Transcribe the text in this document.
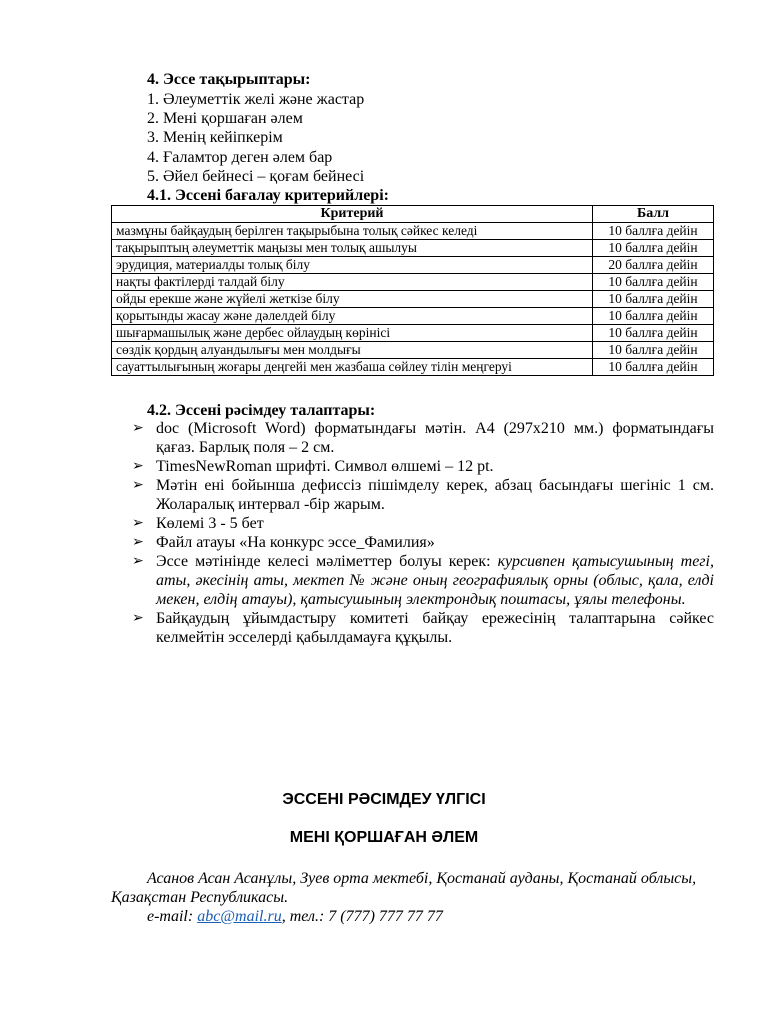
4. Эссе тақырыптары:
1. Әлеуметтік желі және жастар
2. Мені қоршаған әлем
3. Менің кейіпкерім
4. Ғаламтор деген әлем бар
5. Әйел бейнесі – қоғам бейнесі
4.1. Эссені бағалау критерийлері:
Критерий	Балл
мазмұны байқаудың берілген тақырыбына толық сәйкес келеді	10 баллға дейін
тақырыптың әлеуметтік маңызы мен толық ашылуы	10 баллға дейін
эрудиция, материалды толық білу	20 баллға дейін
нақты фактілерді талдай білу	10 баллға дейін
ойды ерекше және жүйелі жеткізе білу	10 баллға дейін
қорытынды жасау және дәлелдей білу	10 баллға дейін
шығармашылық және дербес ойлаудың көрінісі	10 баллға дейін
сөздік қордың алуандылығы мен молдығы	10 баллға дейін
сауаттылығының жоғары деңгейі мен жазбаша сөйлеу тілін меңгеруі	10 баллға дейін
4.2. Эссені рәсімдеу талаптары:
➢ doc (Microsoft Word) форматындағы мәтін. А4 (297х210 мм.) форматындағы қағаз. Барлық поля – 2 см.
➢ TimesNewRoman шрифті. Символ өлшемі – 12 pt.
➢ Мәтін ені бойынша дефиссіз пішімделу керек, абзац басындағы шегініс 1 см. Жоларалық интервал -бір жарым.
➢ Көлемі 3 - 5 бет
➢ Файл атауы «На конкурс эссе_Фамилия»
➢ Эссе мәтінінде келесі мәліметтер болуы керек: курсивпен қатысушының тегі, аты, әкесінің аты, мектеп № және оның географиялық орны (облыс, қала, елді мекен, елдің атауы), қатысушының электрондық поштасы, ұялы телефоны.
➢ Байқаудың ұйымдастыру комитеті байқау ережесінің талаптарына сәйкес келмейтін эсселерді қабылдамауға құқылы.
ЭССЕНІ РӘСІМДЕУ ҮЛГІСІ
МЕНІ ҚОРШАҒАН ӘЛЕМ
Асанов Асан Асанұлы, Зуев орта мектебі, Қостанай ауданы, Қостанай облысы, Қазақстан Республикасы.
e-mail: abc@mail.ru, тел.: 7 (777) 777 77 77
